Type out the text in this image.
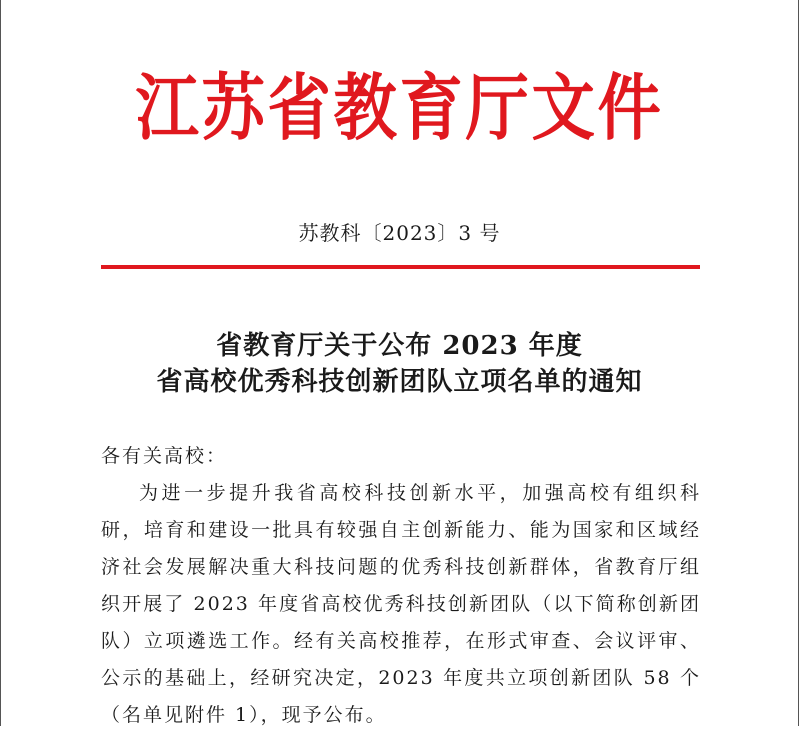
江苏省教育厅文件
苏教科〔2023〕3 号
省教育厅关于公布 2023 年度
省高校优秀科技创新团队立项名单的通知

各有关高校：

为进一步提升我省高校科技创新水平，加强高校有组织科研，培育和建设一批具有较强自主创新能力、能为国家和区域经济社会发展解决重大科技问题的优秀科技创新群体，省教育厅组织开展了 2023 年度省高校优秀科技创新团队（以下简称创新团队）立项遴选工作。经有关高校推荐，在形式审查、会议评审、公示的基础上，经研究决定，2023 年度共立项创新团队 58 个（名单见附件 1），现予公布。
